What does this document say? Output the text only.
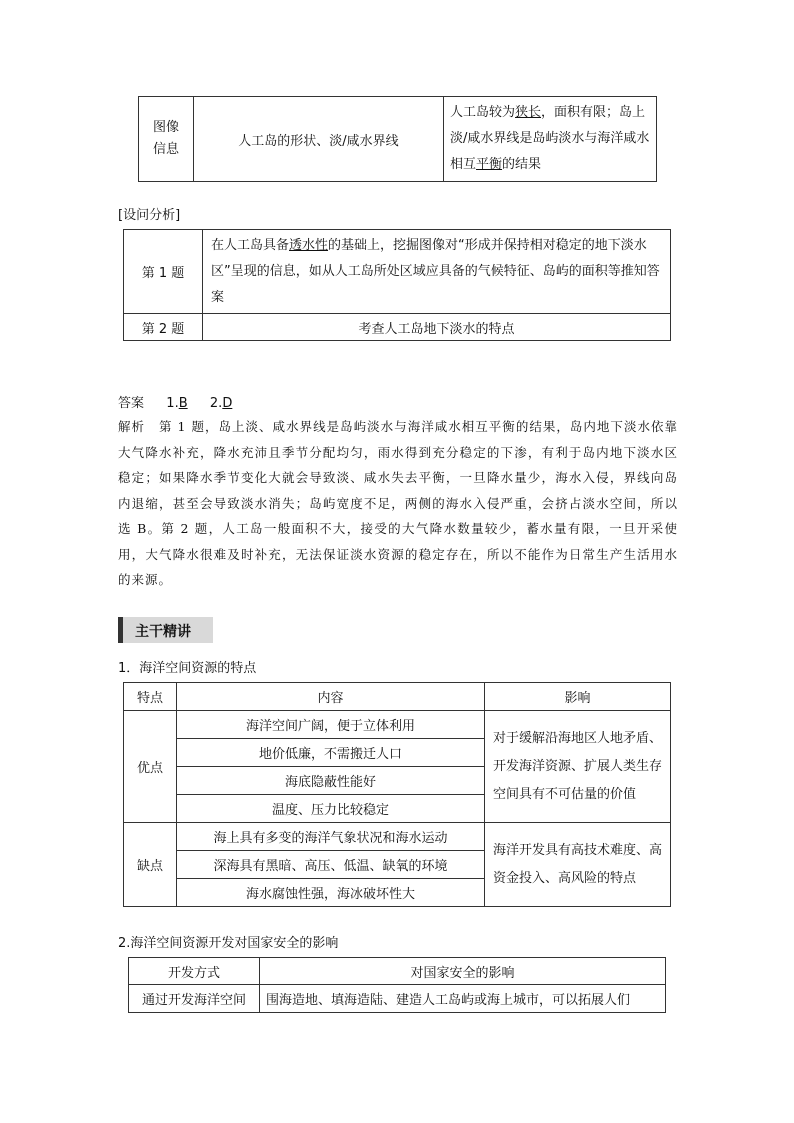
图像
信息	人工岛的形状、淡/咸水界线	人工岛较为狭长，面积有限；岛上淡/咸水界线是岛屿淡水与海洋咸水相互平衡的结果
[设问分析]
第 1 题	在人工岛具备透水性的基础上，挖掘图像对“形成并保持相对稳定的地下淡水区”呈现的信息，如从人工岛所处区域应具备的气候特征、岛屿的面积等推知答案
第 2 题	考查人工岛地下淡水的特点
答案 1.B 2.D
解析 第 1 题，岛上淡、咸水界线是岛屿淡水与海洋咸水相互平衡的结果，岛内地下淡水依靠大气降水补充，降水充沛且季节分配均匀，雨水得到充分稳定的下渗，有利于岛内地下淡水区稳定；如果降水季节变化大就会导致淡、咸水失去平衡，一旦降水量少，海水入侵，界线向岛内退缩，甚至会导致淡水消失；岛屿宽度不足，两侧的海水入侵严重，会挤占淡水空间，所以选 B。第 2 题，人工岛一般面积不大，接受的大气降水数量较少，蓄水量有限，一旦开采使用，大气降水很难及时补充，无法保证淡水资源的稳定存在，所以不能作为日常生产生活用水的来源。
主干精讲
1．海洋空间资源的特点
特点	内容	影响
优点	海洋空间广阔，便于立体利用	对于缓解沿海地区人地矛盾、开发海洋资源、扩展人类生存空间具有不可估量的价值
	地价低廉，不需搬迁人口	
	海底隐蔽性能好	
	温度、压力比较稳定	
缺点	海上具有多变的海洋气象状况和海水运动	海洋开发具有高技术难度、高资金投入、高风险的特点
	深海具有黑暗、高压、低温、缺氧的环境	
	海水腐蚀性强，海冰破坏性大	
2.海洋空间资源开发对国家安全的影响
开发方式	对国家安全的影响
通过开发海洋空间	围海造地、填海造陆、建造人工岛屿或海上城市，可以拓展人们
